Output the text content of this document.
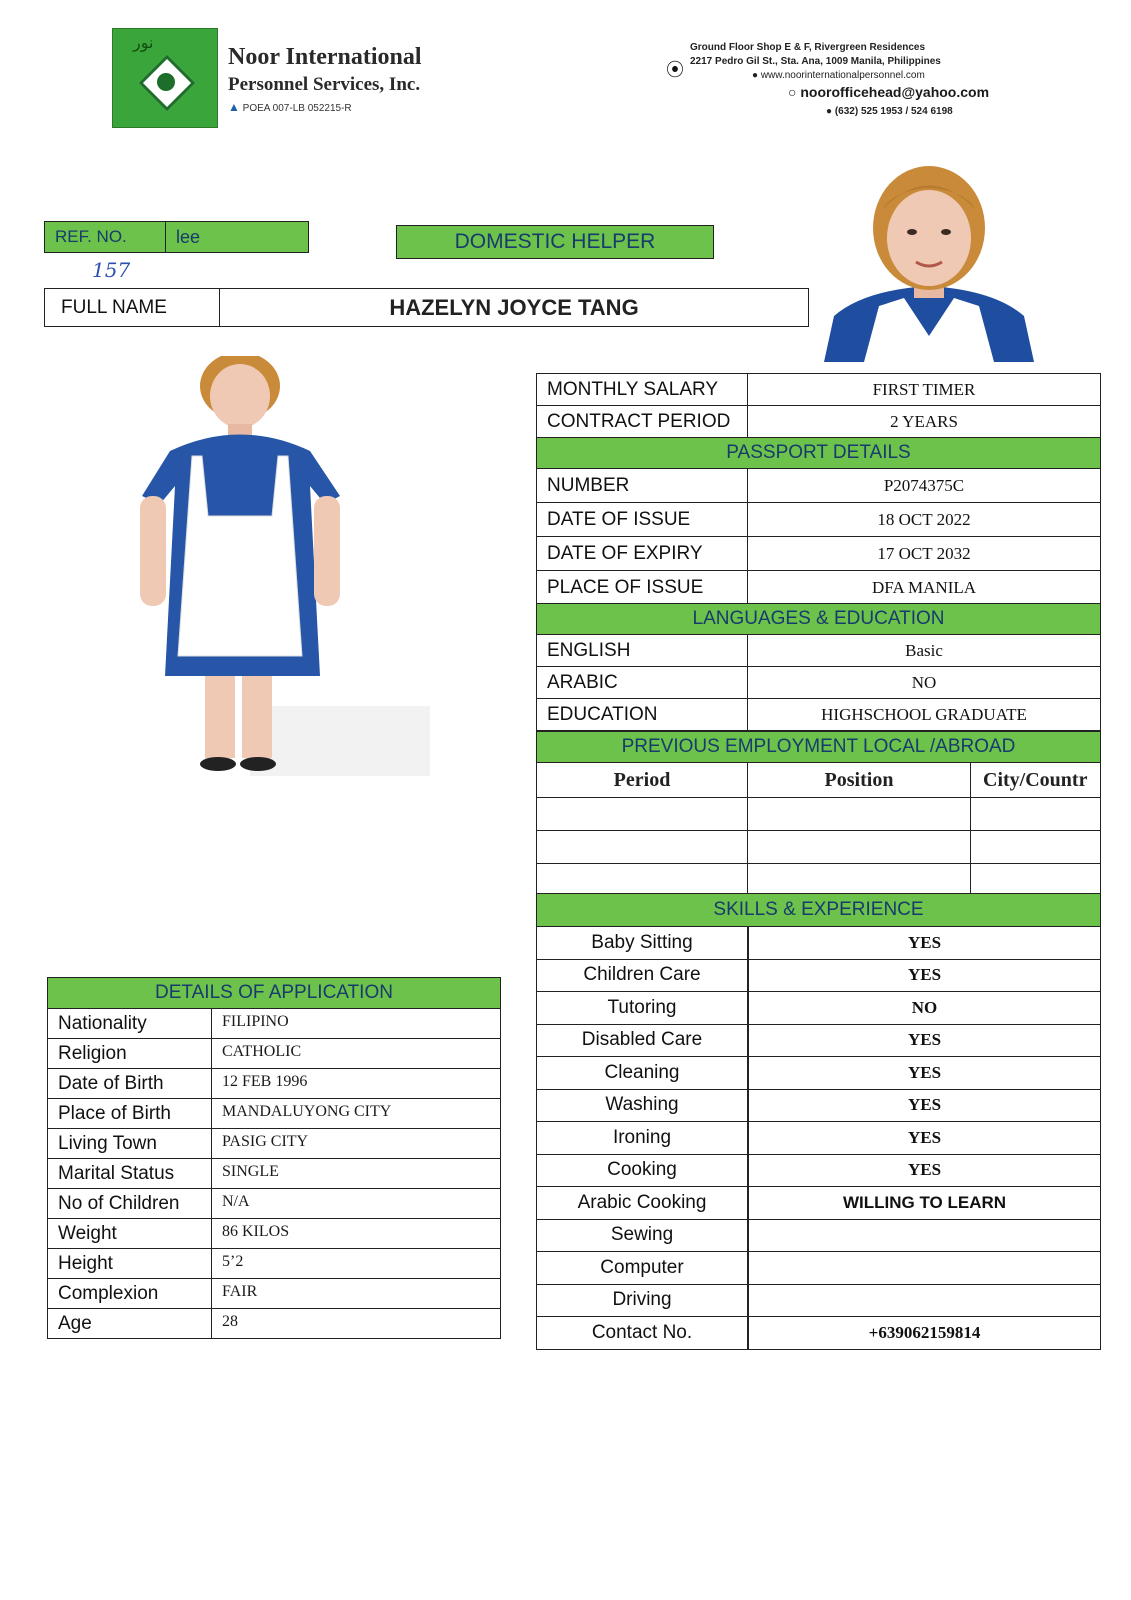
نور
Noor International
Personnel Services, Inc.
▲ POEA 007-LB 052215-R
⦿
Ground Floor Shop E & F, Rivergreen Residences
2217 Pedro Gil St., Sta. Ana, 1009 Manila, Philippines
● www.noorinternationalpersonnel.com
○ noorofficehead@yahoo.com
● (632) 525 1953 / 524 6198
REF. NO.	lee
157
DOMESTIC HELPER
FULL NAME	HAZELYN JOYCE TANG
MONTHLY SALARY	FIRST TIMER
CONTRACT PERIOD	2 YEARS
PASSPORT DETAILS
NUMBER	P2074375C
DATE OF ISSUE	18 OCT 2022
DATE OF EXPIRY	17 OCT 2032
PLACE OF ISSUE	DFA MANILA
LANGUAGES & EDUCATION
ENGLISH	Basic
ARABIC	NO
EDUCATION	HIGHSCHOOL GRADUATE
PREVIOUS EMPLOYMENT LOCAL /ABROAD
Period	Position	City/Countr
SKILLS & EXPERIENCE
Baby Sitting	YES
Children Care	YES
Tutoring	NO
Disabled Care	YES
Cleaning	YES
Washing	YES
Ironing	YES
Cooking	YES
Arabic Cooking	WILLING TO LEARN
Sewing
Computer
Driving
Contact No.	+639062159814
DETAILS OF APPLICATION
Nationality	FILIPINO
Religion	CATHOLIC
Date of Birth	12 FEB 1996
Place of Birth	MANDALUYONG CITY
Living Town	PASIG CITY
Marital Status	SINGLE
No of Children	N/A
Weight	86 KILOS
Height	5’2
Complexion	FAIR
Age	28
